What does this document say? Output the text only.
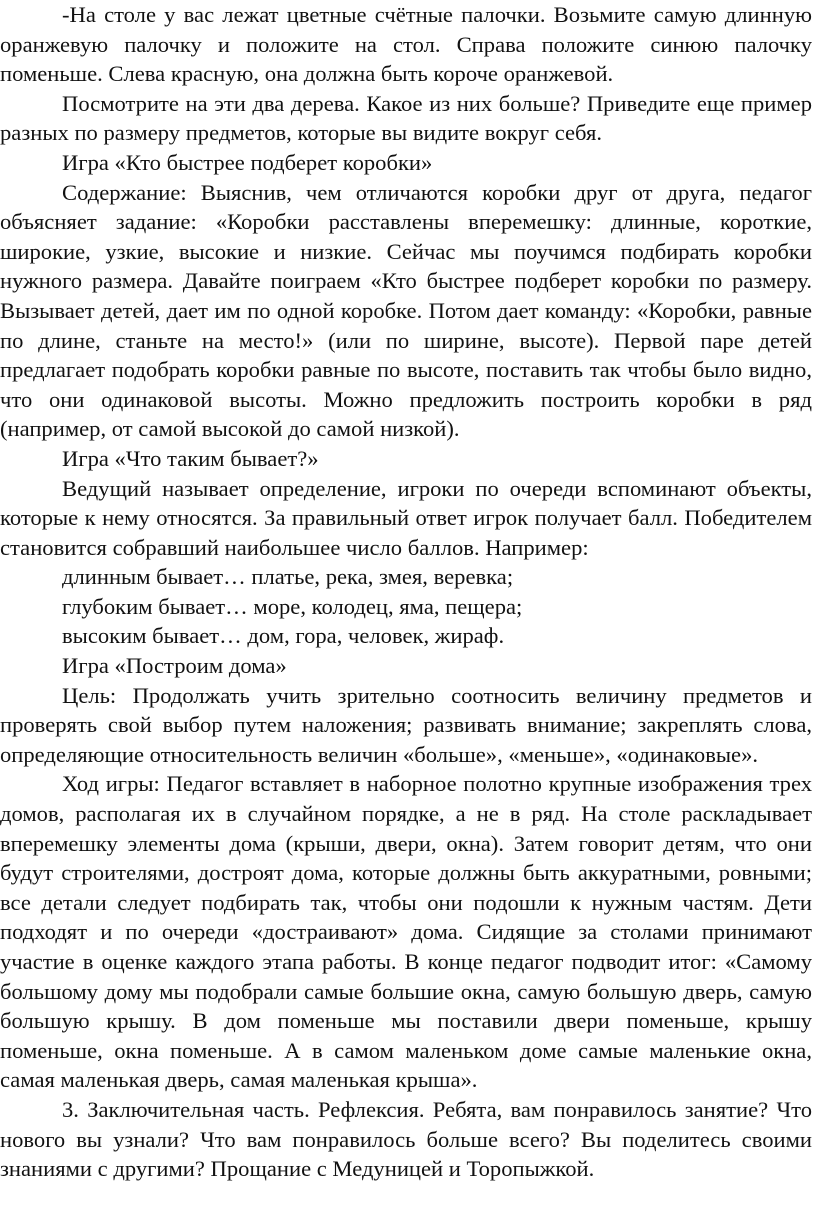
-На столе у вас лежат цветные счётные палочки. Возьмите самую длинную оранжевую палочку и положите на стол. Справа положите синюю палочку поменьше. Слева красную, она должна быть короче оранжевой.

Посмотрите на эти два дерева. Какое из них больше? Приведите еще пример разных по размеру предметов, которые вы видите вокруг себя.

Игра «Кто быстрее подберет коробки»

Содержание: Выяснив, чем отличаются коробки друг от друга, педагог объясняет задание: «Коробки расставлены вперемешку: длинные, короткие, широкие, узкие, высокие и низкие. Сейчас мы поучимся подбирать коробки нужного размера. Давайте поиграем «Кто быстрее подберет коробки по размеру. Вызывает детей, дает им по одной коробке. Потом дает команду: «Коробки, равные по длине, станьте на место!» (или по ширине, высоте). Первой паре детей предлагает подобрать коробки равные по высоте, поставить так чтобы было видно, что они одинаковой высоты. Можно предложить построить коробки в ряд (например, от самой высокой до самой низкой).

Игра «Что таким бывает?»

Ведущий называет определение, игроки по очереди вспоминают объекты, которые к нему относятся. За правильный ответ игрок получает балл. Победителем становится собравший наибольшее число баллов. Например:

длинным бывает… платье, река, змея, веревка;

глубоким бывает… море, колодец, яма, пещера;

высоким бывает… дом, гора, человек, жираф.

Игра «Построим дома»

Цель: Продолжать учить зрительно соотносить величину предметов и проверять свой выбор путем наложения; развивать внимание; закреплять слова, определяющие относительность величин «больше», «меньше», «одинаковые».

Ход игры: Педагог вставляет в наборное полотно крупные изображения трех домов, располагая их в случайном порядке, а не в ряд. На столе раскладывает вперемешку элементы дома (крыши, двери, окна). Затем говорит детям, что они будут строителями, достроят дома, которые должны быть аккуратными, ровными; все детали следует подбирать так, чтобы они подошли к нужным частям. Дети подходят и по очереди «достраивают» дома. Сидящие за столами принимают участие в оценке каждого этапа работы. В конце педагог подводит итог: «Самому большому дому мы подобрали самые большие окна, самую большую дверь, самую большую крышу. В дом поменьше мы поставили двери поменьше, крышу поменьше, окна поменьше. А в самом маленьком доме самые маленькие окна, самая маленькая дверь, самая маленькая крыша».

3. Заключительная часть. Рефлексия. Ребята, вам понравилось занятие? Что нового вы узнали? Что вам понравилось больше всего? Вы поделитесь своими знаниями с другими? Прощание с Медуницей и Торопыжкой.
